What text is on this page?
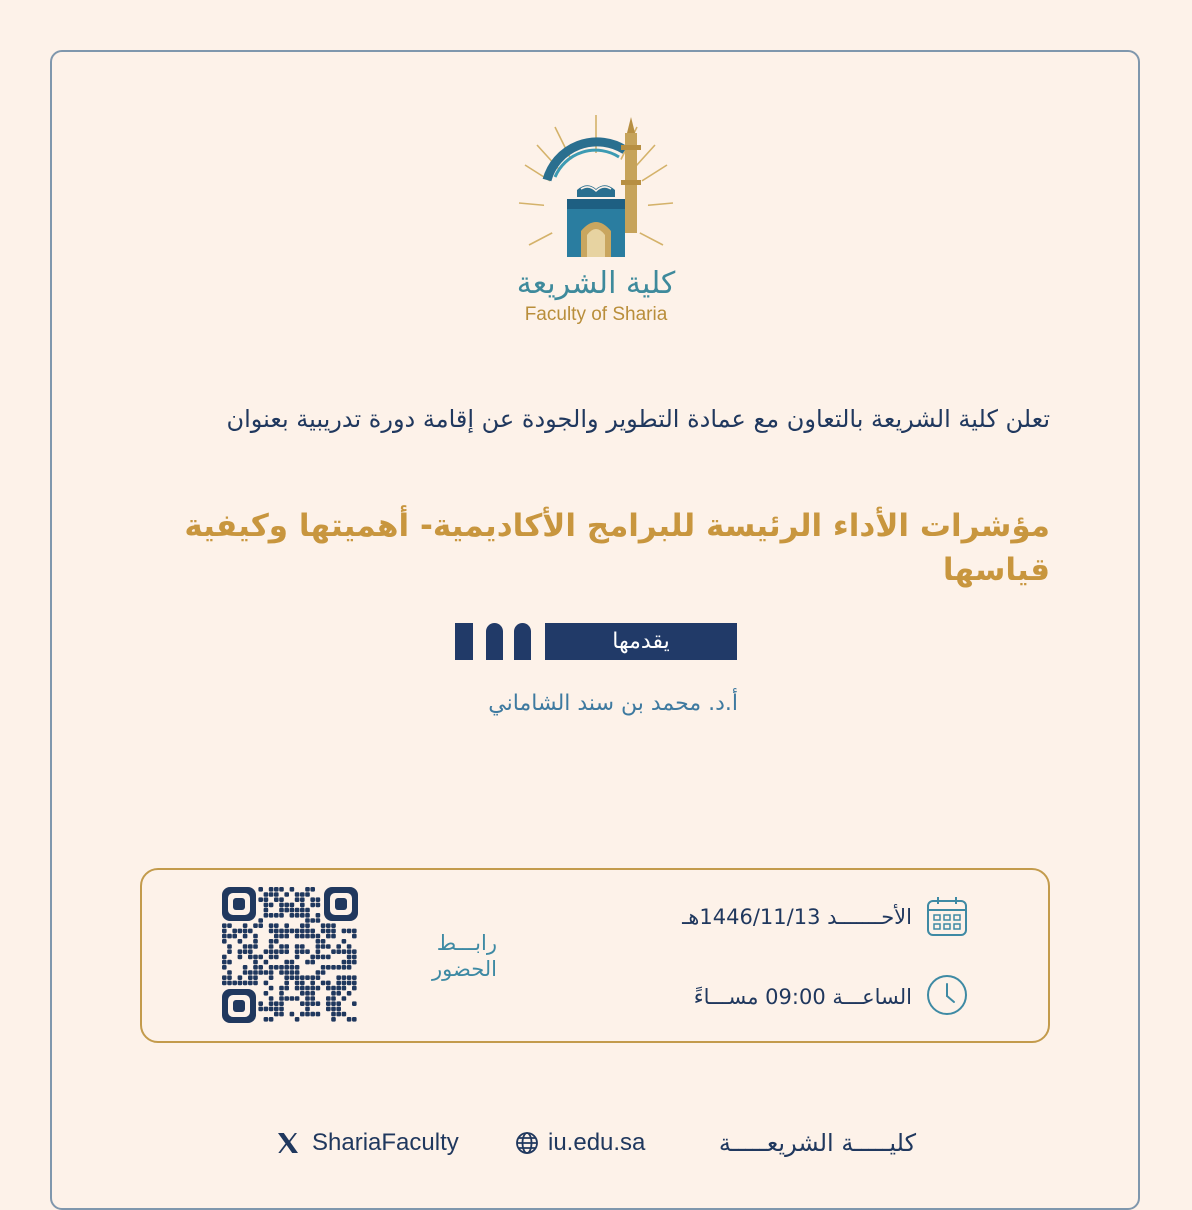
كلية الشريعة
Faculty of Sharia
تعلن كلية الشريعة بالتعاون مع عمادة التطوير والجودة عن إقامة دورة تدريبية بعنوان
مؤشرات الأداء الرئيسة للبرامج الأكاديمية- أهميتها وكيفية قياسها
يقدمها
أ.د. محمد بن سند الشاماني
الأحـــــــد 1446/11/13هـ
الساعـــة 09:00 مســـاءً
رابـــط الحضور
ShariaFaculty	iu.edu.sa	كليـــــة الشريعـــــة
